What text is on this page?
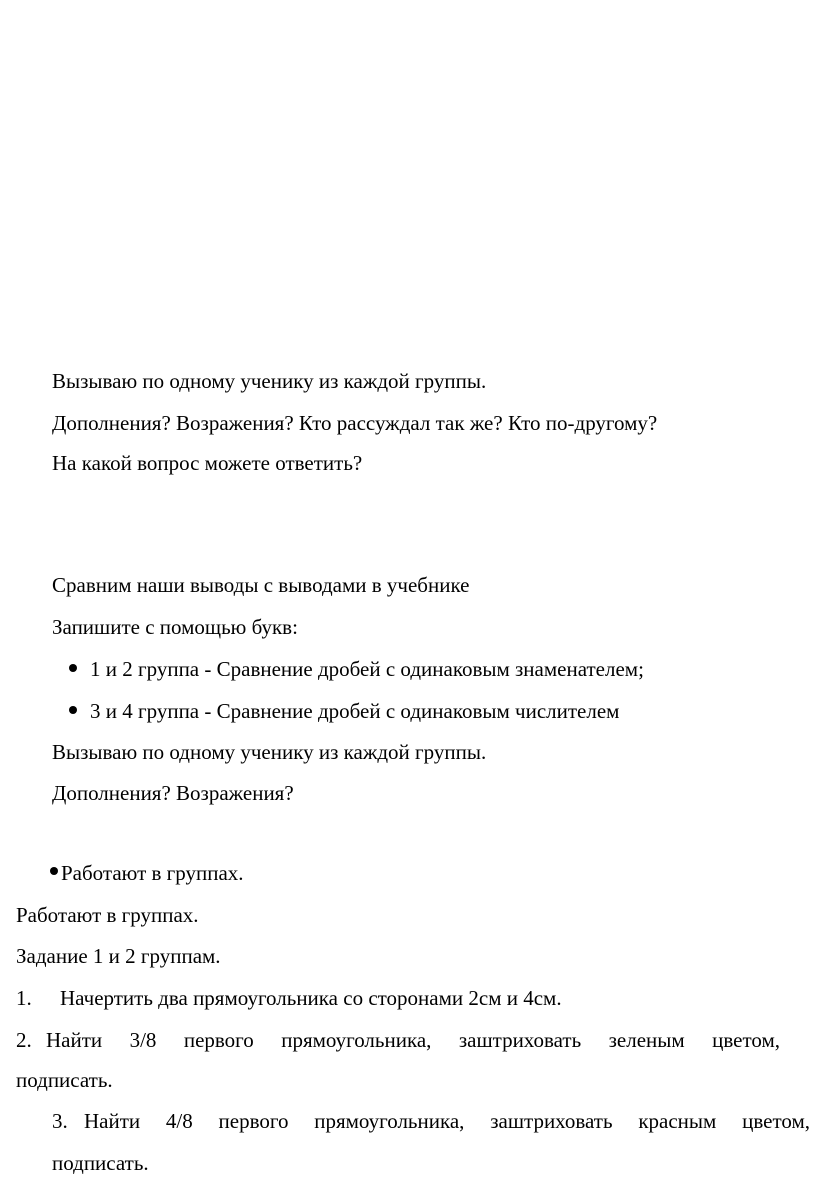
Вызываю по одному ученику из каждой группы.
Дополнения? Возражения? Кто рассуждал так же? Кто по-другому?
На какой вопрос можете ответить?
Сравним наши выводы с выводами в учебнике
Запишите с помощью букв:
1 и 2 группа - Сравнение дробей с одинаковым знаменателем;
3 и 4 группа - Сравнение дробей с одинаковым числителем
Вызываю по одному ученику из каждой группы.
Дополнения? Возражения?
Работают в группах.
Работают в группах.
Задание 1 и 2 группам.
1. Начертить два прямоугольника со сторонами 2см и 4см.
2. Найти 3/8 первого прямоугольника, заштриховать зеленым цветом,
подписать.
3. Найти 4/8 первого прямоугольника, заштриховать красным цветом,
подписать.
